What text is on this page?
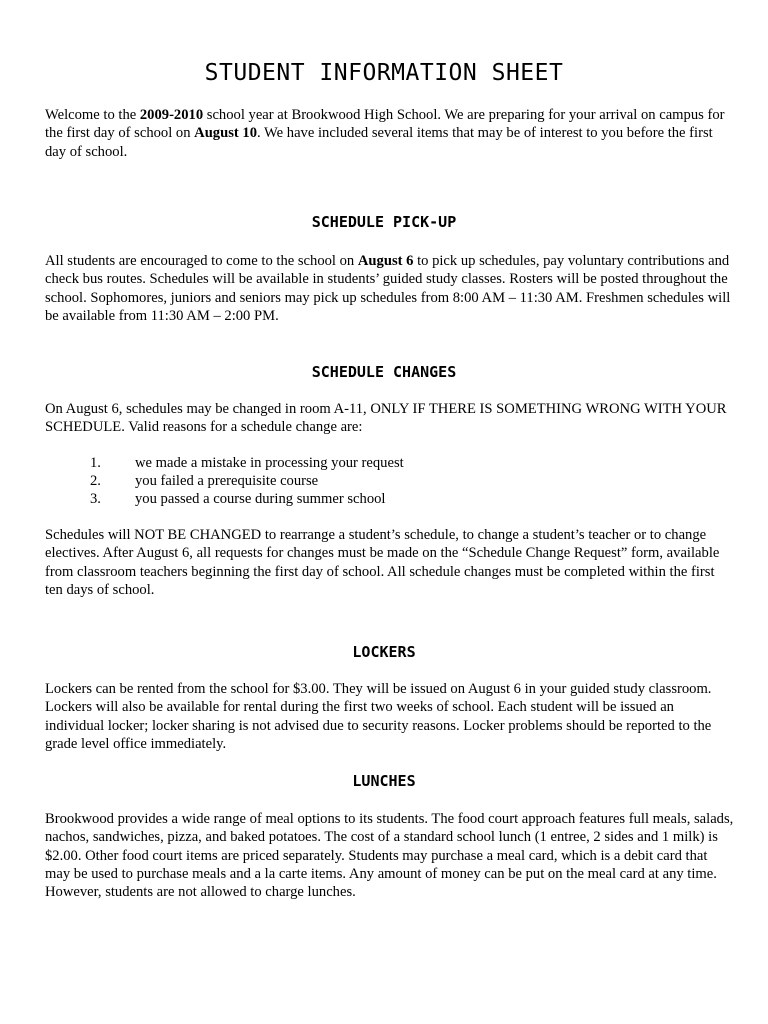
STUDENT INFORMATION SHEET

Welcome to the 2009-2010 school year at Brookwood High School. We are preparing for your arrival on campus for the first day of school on August 10. We have included several items that may be of interest to you before the first day of school.

SCHEDULE PICK-UP

All students are encouraged to come to the school on August 6 to pick up schedules, pay voluntary contributions and check bus routes. Schedules will be available in students’ guided study classes. Rosters will be posted throughout the school. Sophomores, juniors and seniors may pick up schedules from 8:00 AM – 11:30 AM. Freshmen schedules will be available from 11:30 AM – 2:00 PM.

SCHEDULE CHANGES

On August 6, schedules may be changed in room A-11, ONLY IF THERE IS SOMETHING WRONG WITH YOUR SCHEDULE. Valid reasons for a schedule change are:

1. we made a mistake in processing your request
2. you failed a prerequisite course
3. you passed a course during summer school

Schedules will NOT BE CHANGED to rearrange a student’s schedule, to change a student’s teacher or to change electives. After August 6, all requests for changes must be made on the “Schedule Change Request” form, available from classroom teachers beginning the first day of school. All schedule changes must be completed within the first ten days of school.

LOCKERS

Lockers can be rented from the school for $3.00. They will be issued on August 6 in your guided study classroom. Lockers will also be available for rental during the first two weeks of school. Each student will be issued an individual locker; locker sharing is not advised due to security reasons. Locker problems should be reported to the grade level office immediately.

LUNCHES

Brookwood provides a wide range of meal options to its students. The food court approach features full meals, salads, nachos, sandwiches, pizza, and baked potatoes. The cost of a standard school lunch (1 entree, 2 sides and 1 milk) is $2.00. Other food court items are priced separately. Students may purchase a meal card, which is a debit card that may be used to purchase meals and a la carte items. Any amount of money can be put on the meal card at any time. However, students are not allowed to charge lunches.
